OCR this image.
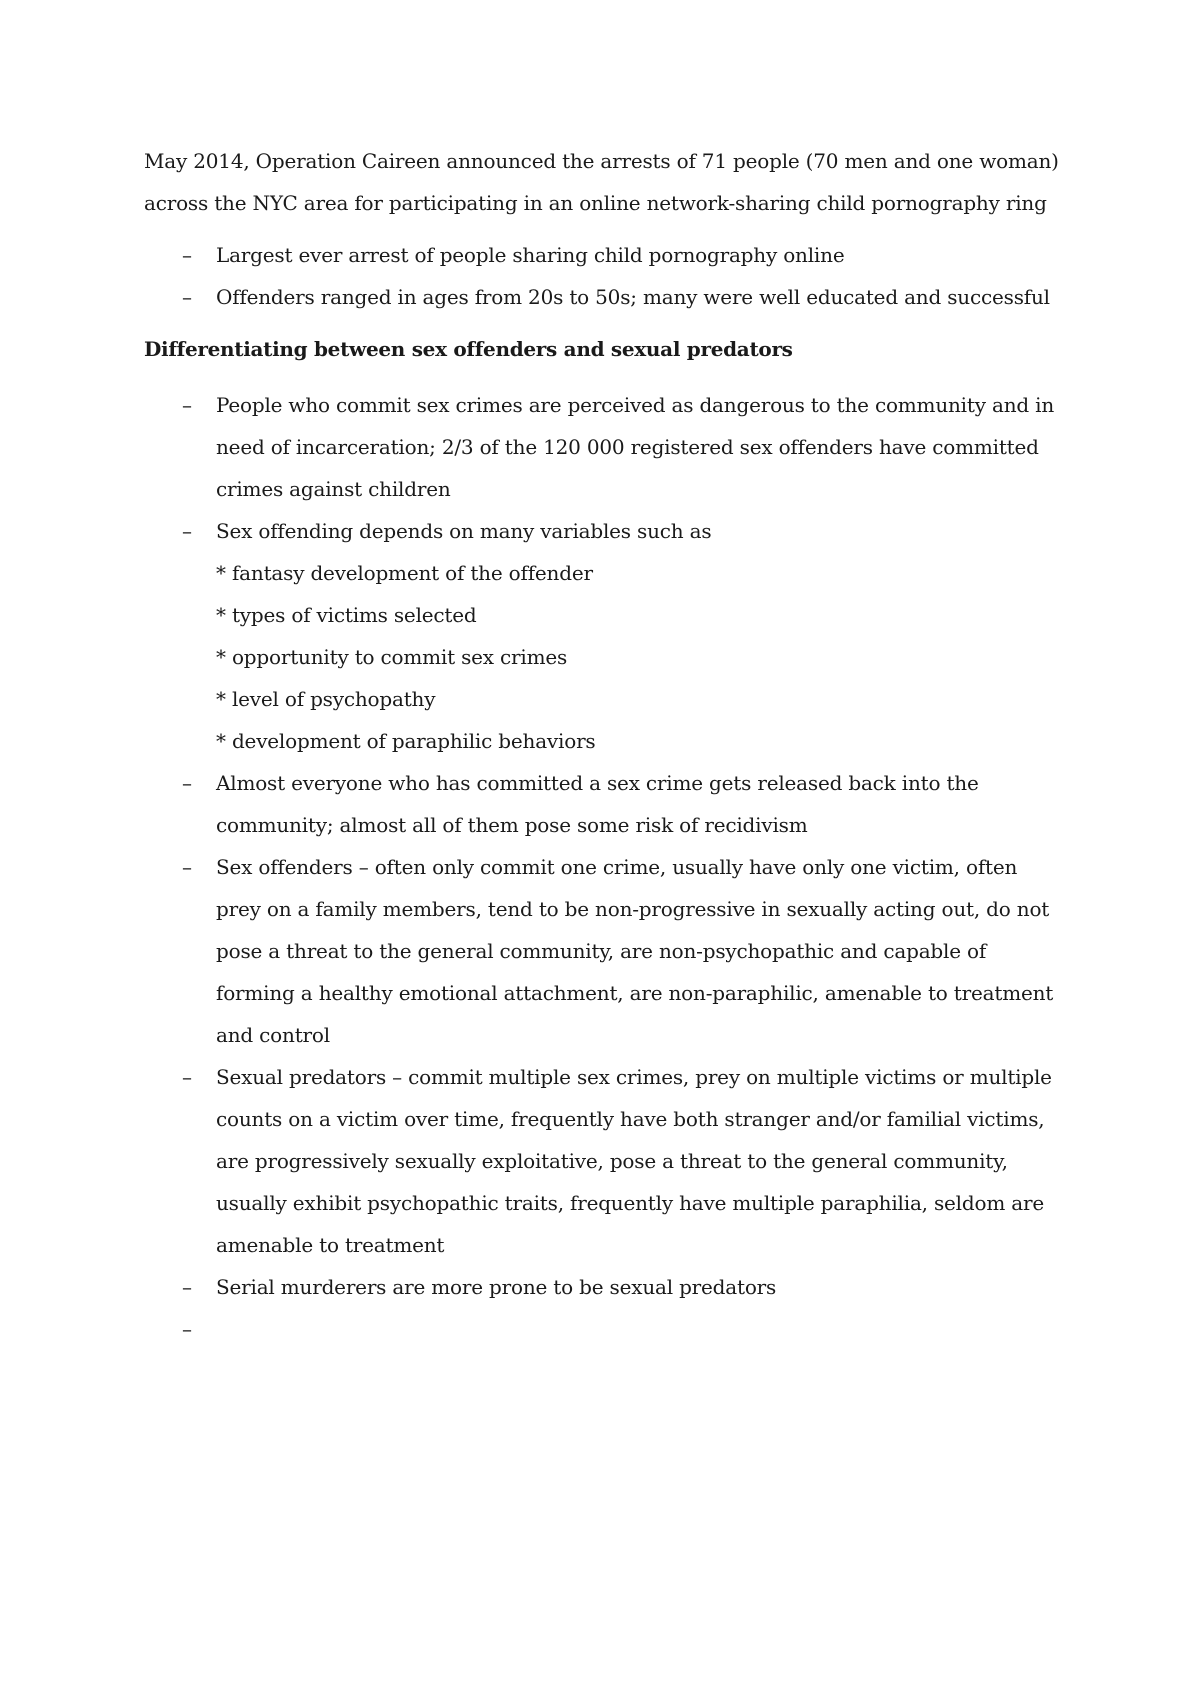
May 2014, Operation Caireen announced the arrests of 71 people (70 men and one woman)
across the NYC area for participating in an online network-sharing child pornography ring

– Largest ever arrest of people sharing child pornography online
– Offenders ranged in ages from 20s to 50s; many were well educated and successful

Differentiating between sex offenders and sexual predators

– People who commit sex crimes are perceived as dangerous to the community and in need of incarceration; 2/3 of the 120 000 registered sex offenders have committed crimes against children
– Sex offending depends on many variables such as
* fantasy development of the offender
* types of victims selected
* opportunity to commit sex crimes
* level of psychopathy
* development of paraphilic behaviors
– Almost everyone who has committed a sex crime gets released back into the community; almost all of them pose some risk of recidivism
– Sex offenders – often only commit one crime, usually have only one victim, often prey on a family members, tend to be non-progressive in sexually acting out, do not pose a threat to the general community, are non-psychopathic and capable of forming a healthy emotional attachment, are non-paraphilic, amenable to treatment and control
– Sexual predators – commit multiple sex crimes, prey on multiple victims or multiple counts on a victim over time, frequently have both stranger and/or familial victims, are progressively sexually exploitative, pose a threat to the general community, usually exhibit psychopathic traits, frequently have multiple paraphilia, seldom are amenable to treatment
– Serial murderers are more prone to be sexual predators
–
